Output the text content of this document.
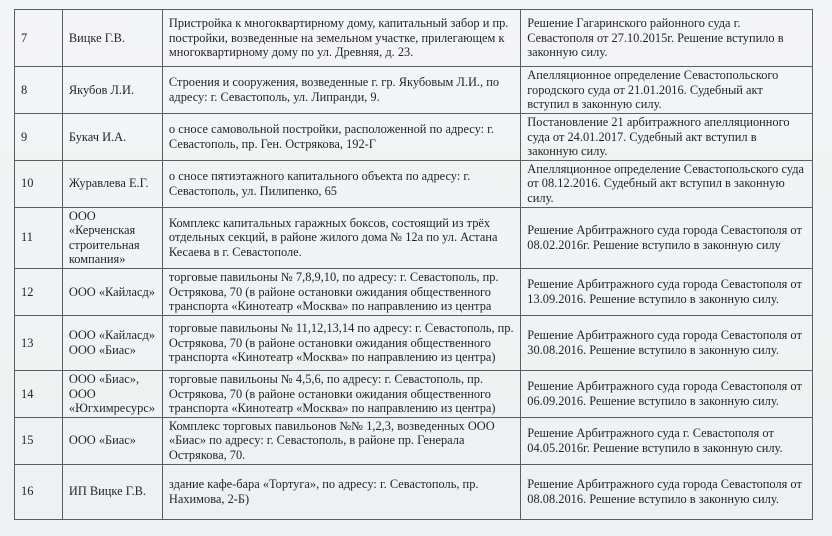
7	Вицке Г.В.	Пристройка к многоквартирному дому, капитальный забор и пр. постройки, возведенные на земельном участке, прилегающем к многоквартирному дому по ул. Древняя, д. 23.	Решение Гагаринского районного суда г. Севастополя от 27.10.2015г. Решение вступило в законную силу.
8	Якубов Л.И.	Строения и сооружения, возведенные г. гр. Якубовым Л.И., по адресу: г. Севастополь, ул. Липранди, 9.	Апелляционное определение Севастопольского городского суда от 21.01.2016. Судебный акт вступил в законную силу.
9	Букач И.А.	о сносе самовольной постройки, расположенной по адресу: г. Севастополь, пр. Ген. Острякова, 192-Г	Постановление 21 арбитражного апелляционного суда от 24.01.2017. Судебный акт вступил в законную силу.
10	Журавлева Е.Г.	о сносе пятиэтажного капитального объекта по адресу: г. Севастополь, ул. Пилипенко, 65	Апелляционное определение Севастопольского суда от 08.12.2016. Судебный акт вступил в законную силу.
11	ООО «Керченская строительная компания»	Комплекс капитальных гаражных боксов, состоящий из трёх отдельных секций, в районе жилого дома № 12а по ул. Астана Кесаева в г. Севастополе.	Решение Арбитражного суда города Севастополя от 08.02.2016г. Решение вступило в законную силу
12	ООО «Кайласд»	торговые павильоны № 7,8,9,10, по адресу: г. Севастополь, пр. Острякова, 70 (в районе остановки ожидания общественного транспорта «Кинотеатр «Москва» по направлению из центра	Решение Арбитражного суда города Севастополя от 13.09.2016. Решение вступило в законную силу.
13	ООО «Кайласд» ООО «Биас»	торговые павильоны № 11,12,13,14 по адресу: г. Севастополь, пр. Острякова, 70 (в районе остановки ожидания общественного транспорта «Кинотеатр «Москва» по направлению из центра)	Решение Арбитражного суда города Севастополя от 30.08.2016. Решение вступило в законную силу.
14	ООО «Биас», ООО «Югхимресурс»	торговые павильоны № 4,5,6, по адресу: г. Севастополь, пр. Острякова, 70 (в районе остановки ожидания общественного транспорта «Кинотеатр «Москва» по направлению из центра)	Решение Арбитражного суда города Севастополя от 06.09.2016. Решение вступило в законную силу.
15	ООО «Биас»	Комплекс торговых павильонов №№ 1,2,3, возведенных ООО «Биас» по адресу: г. Севастополь, в районе пр. Генерала Острякова, 70.	Решение Арбитражного суда г. Севастополя от 04.05.2016г. Решение вступило в законную силу.
16	ИП Вицке Г.В.	здание кафе-бара «Тортуга», по адресу: г. Севастополь, пр. Нахимова, 2-Б)	Решение Арбитражного суда города Севастополя от 08.08.2016. Решение вступило в законную силу.
